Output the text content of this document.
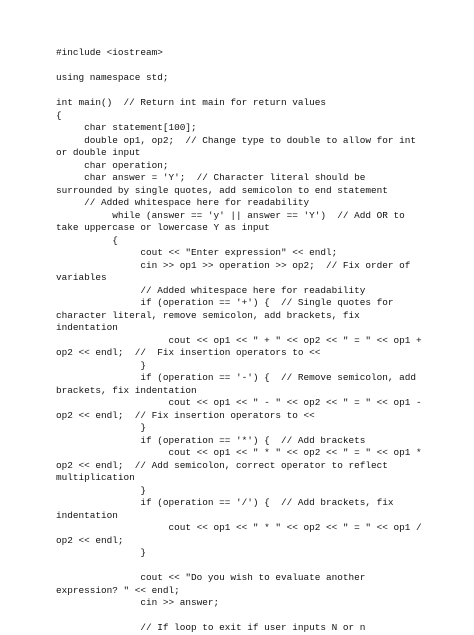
#include <iostream>
using namespace std;
int main()  // Return int main for return values
{
char statement[100];
double op1, op2;  // Change type to double to allow for int
or double input
char operation;
char answer = 'Y';  // Character literal should be
surrounded by single quotes, add semicolon to end statement
// Added whitespace here for readability
while (answer == 'y' || answer == 'Y')  // Add OR to
take uppercase or lowercase Y as input
{
cout << "Enter expression" << endl;
cin >> op1 >> operation >> op2;  // Fix order of
variables
// Added whitespace here for readability
if (operation == '+') {  // Single quotes for
character literal, remove semicolon, add brackets, fix
indentation
cout << op1 << " + " << op2 << " = " << op1 +
op2 << endl;  //  Fix insertion operators to <<
}
if (operation == '-') {  // Remove semicolon, add
brackets, fix indentation
cout << op1 << " - " << op2 << " = " << op1 -
op2 << endl;  // Fix insertion operators to <<
}
if (operation == '*') {  // Add brackets
cout << op1 << " * " << op2 << " = " << op1 *
op2 << endl;  // Add semicolon, correct operator to reflect
multiplication
}
if (operation == '/') {  // Add brackets, fix
indentation
cout << op1 << " * " << op2 << " = " << op1 /
op2 << endl;
}
cout << "Do you wish to evaluate another
expression? " << endl;
cin >> answer;
// If loop to exit if user inputs N or n
